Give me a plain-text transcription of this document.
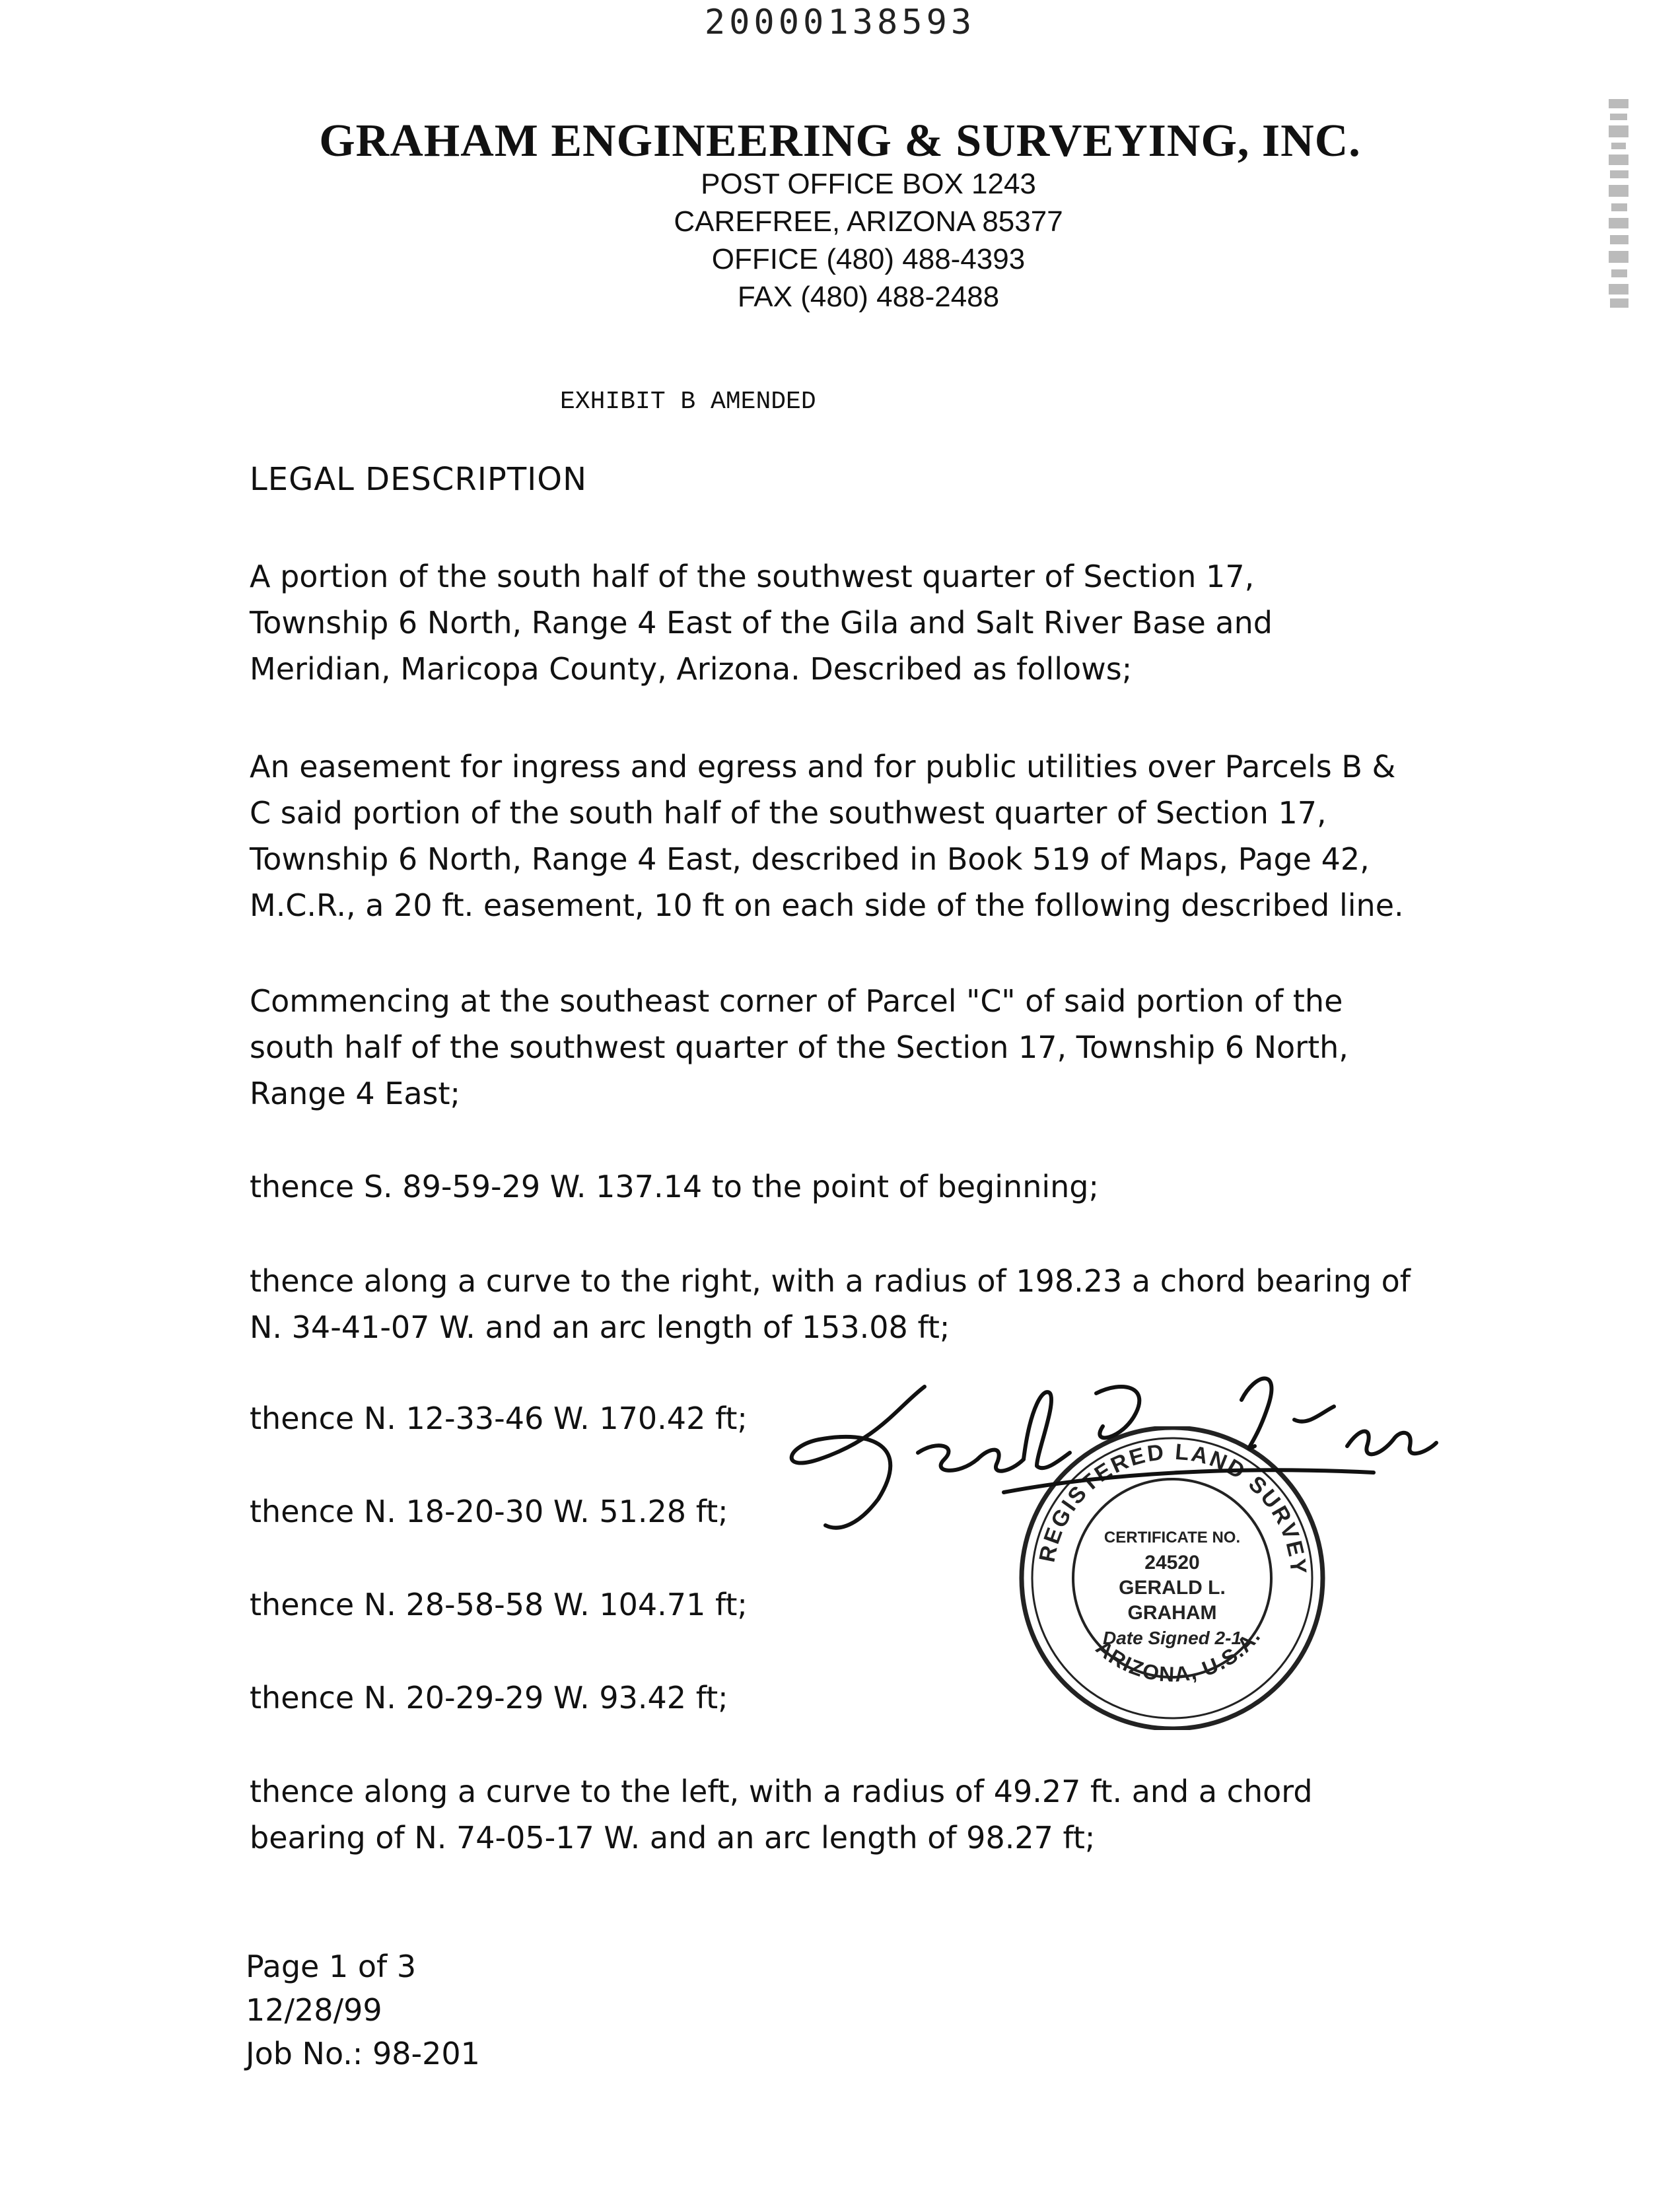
20000138593
GRAHAM ENGINEERING & SURVEYING, INC.
POST OFFICE BOX 1243
CAREFREE, ARIZONA 85377
OFFICE (480) 488-4393
FAX (480) 488-2488
EXHIBIT B AMENDED
LEGAL DESCRIPTION
A portion of the south half of the southwest quarter of Section 17,
Township 6 North, Range 4 East of the Gila and Salt River Base and
Meridian, Maricopa County, Arizona. Described as follows;
An easement for ingress and egress and for public utilities over Parcels B &
C said portion of the south half of the southwest quarter of Section 17,
Township 6 North, Range 4 East, described in Book 519 of Maps, Page 42,
M.C.R., a 20 ft. easement, 10 ft on each side of the following described line.
Commencing at the southeast corner of Parcel "C" of said portion of the
south half of the southwest quarter of the Section 17, Township 6 North,
Range 4 East;
thence S. 89-59-29 W. 137.14 to the point of beginning;
thence along a curve to the right, with a radius of 198.23 a chord bearing of
N. 34-41-07 W. and an arc length of 153.08 ft;
thence N. 12-33-46 W. 170.42 ft;
thence N. 18-20-30 W. 51.28 ft;
thence N. 28-58-58 W. 104.71 ft;
thence N. 20-29-29 W. 93.42 ft;
thence along a curve to the left, with a radius of 49.27 ft. and a chord
bearing of N. 74-05-17 W. and an arc length of 98.27 ft;
REGISTERED LAND SURVEY
ARIZONA, U.S.A.
CERTIFICATE NO.
24520
GERALD L.
GRAHAM
Date Signed 2-1
Page 1 of 3
12/28/99
Job No.: 98-201
